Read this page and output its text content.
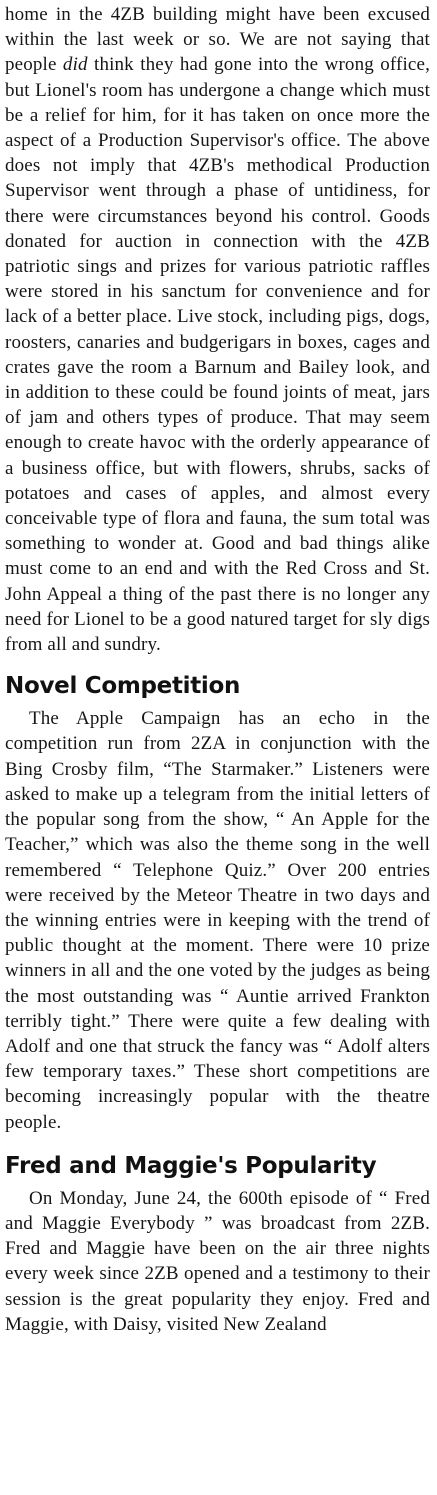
home in the 4ZB building might have been excused within the last week or so. We are not saying that people did think they had gone into the wrong office, but Lionel's room has undergone a change which must be a relief for him, for it has taken on once more the aspect of a Production Supervisor's office. The above does not imply that 4ZB's methodical Production Supervisor went through a phase of untidiness, for there were circumstances beyond his control. Goods donated for auction in connection with the 4ZB patriotic sings and prizes for various patriotic raffles were stored in his sanctum for convenience and for lack of a better place. Live stock, including pigs, dogs, roosters, canaries and budgerigars in boxes, cages and crates gave the room a Barnum and Bailey look, and in addition to these could be found joints of meat, jars of jam and others types of produce. That may seem enough to create havoc with the orderly appearance of a business office, but with flowers, shrubs, sacks of potatoes and cases of apples, and almost every conceivable type of flora and fauna, the sum total was something to wonder at. Good and bad things alike must come to an end and with the Red Cross and St. John Appeal a thing of the past there is no longer any need for Lionel to be a good natured target for sly digs from all and sundry.

Novel Competition

The Apple Campaign has an echo in the competition run from 2ZA in conjunction with the Bing Crosby film, “The Starmaker.” Listeners were asked to make up a telegram from the initial letters of the popular song from the show, “ An Apple for the Teacher,” which was also the theme song in the well remembered “ Telephone Quiz.” Over 200 entries were received by the Meteor Theatre in two days and the winning entries were in keeping with the trend of public thought at the moment. There were 10 prize winners in all and the one voted by the judges as being the most outstanding was “ Auntie arrived Frankton terribly tight.” There were quite a few dealing with Adolf and one that struck the fancy was “ Adolf alters few temporary taxes.” These short competitions are becoming increasingly popular with the theatre people.

Fred and Maggie's Popularity

On Monday, June 24, the 600th episode of “ Fred and Maggie Everybody ” was broadcast from 2ZB. Fred and Maggie have been on the air three nights every week since 2ZB opened and a testimony to their session is the great popularity they enjoy. Fred and Maggie, with Daisy, visited New Zealand
